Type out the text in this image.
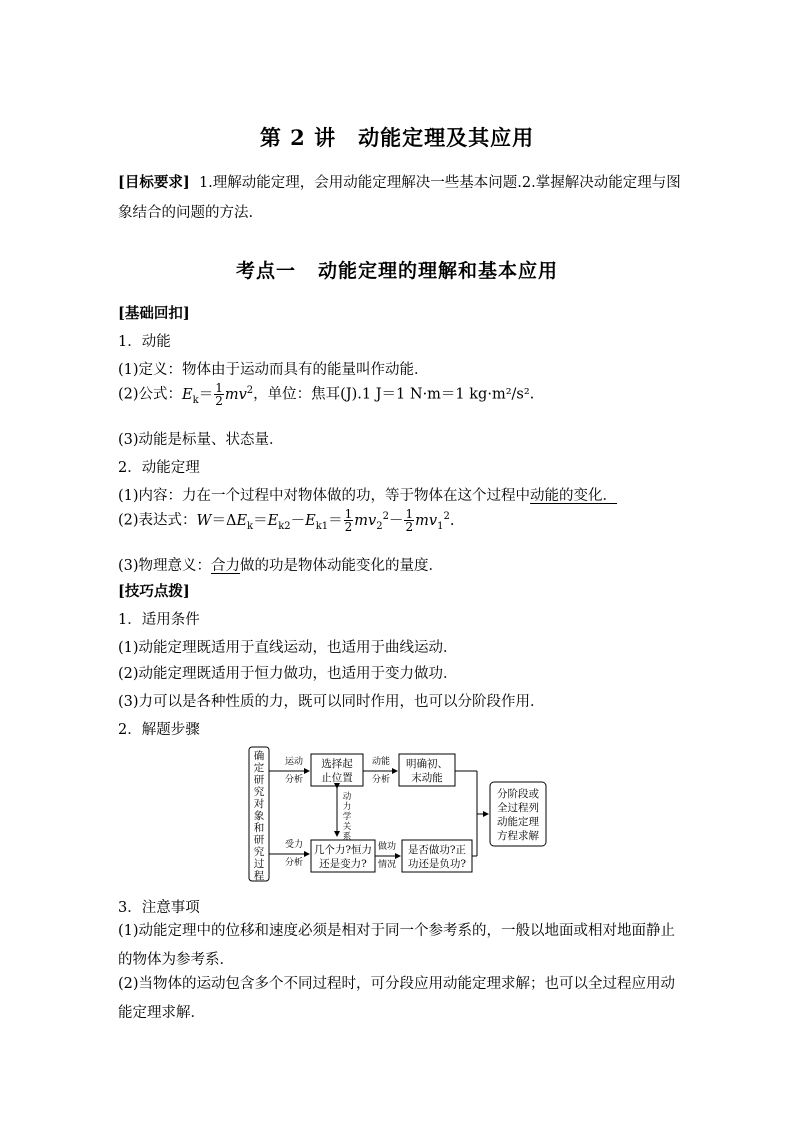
第 2 讲 动能定理及其应用
[目标要求] 1.理解动能定理，会用动能定理解决一些基本问题.2.掌握解决动能定理与图象结合的问题的方法.
考点一 动能定理的理解和基本应用
[基础回扣]
1．动能
(1)定义：物体由于运动而具有的能量叫作动能．
(2)公式：$E_k= \frac{1}{2} mv^2$，单位：焦耳(J).1 J＝1 N·m＝1 kg·m²/s².
(3)动能是标量、状态量．
2．动能定理
(1)内容：力在一个过程中对物体做的功，等于物体在这个过程中动能的变化．
(2)表达式：$W=\Delta E_k=E_{k2}-E_{k1}= \frac{1}{2} mv_2^2- \frac{1}{2} mv_1^2$.
(3)物理意义：合力做的功是物体动能变化的量度．
[技巧点拨]
1．适用条件
(1)动能定理既适用于直线运动，也适用于曲线运动．
(2)动能定理既适用于恒力做功，也适用于变力做功．
(3)力可以是各种性质的力，既可以同时作用，也可以分阶段作用．
2．解题步骤
确
定
研
究
对
象
和
研
究
过
程
运动
分析
受力
分析
选择起
止位置
动能
分析
明确初、
末动能
动
力
学
关
系
几个力?恒力
还是变力?
做功
情况
是否做功?正
功还是负功?
分阶段或
全过程列
动能定理
方程求解
3．注意事项
(1)动能定理中的位移和速度必须是相对于同一个参考系的，一般以地面或相对地面静止的物体为参考系．
(2)当物体的运动包含多个不同过程时，可分段应用动能定理求解；也可以全过程应用动能定理求解．
